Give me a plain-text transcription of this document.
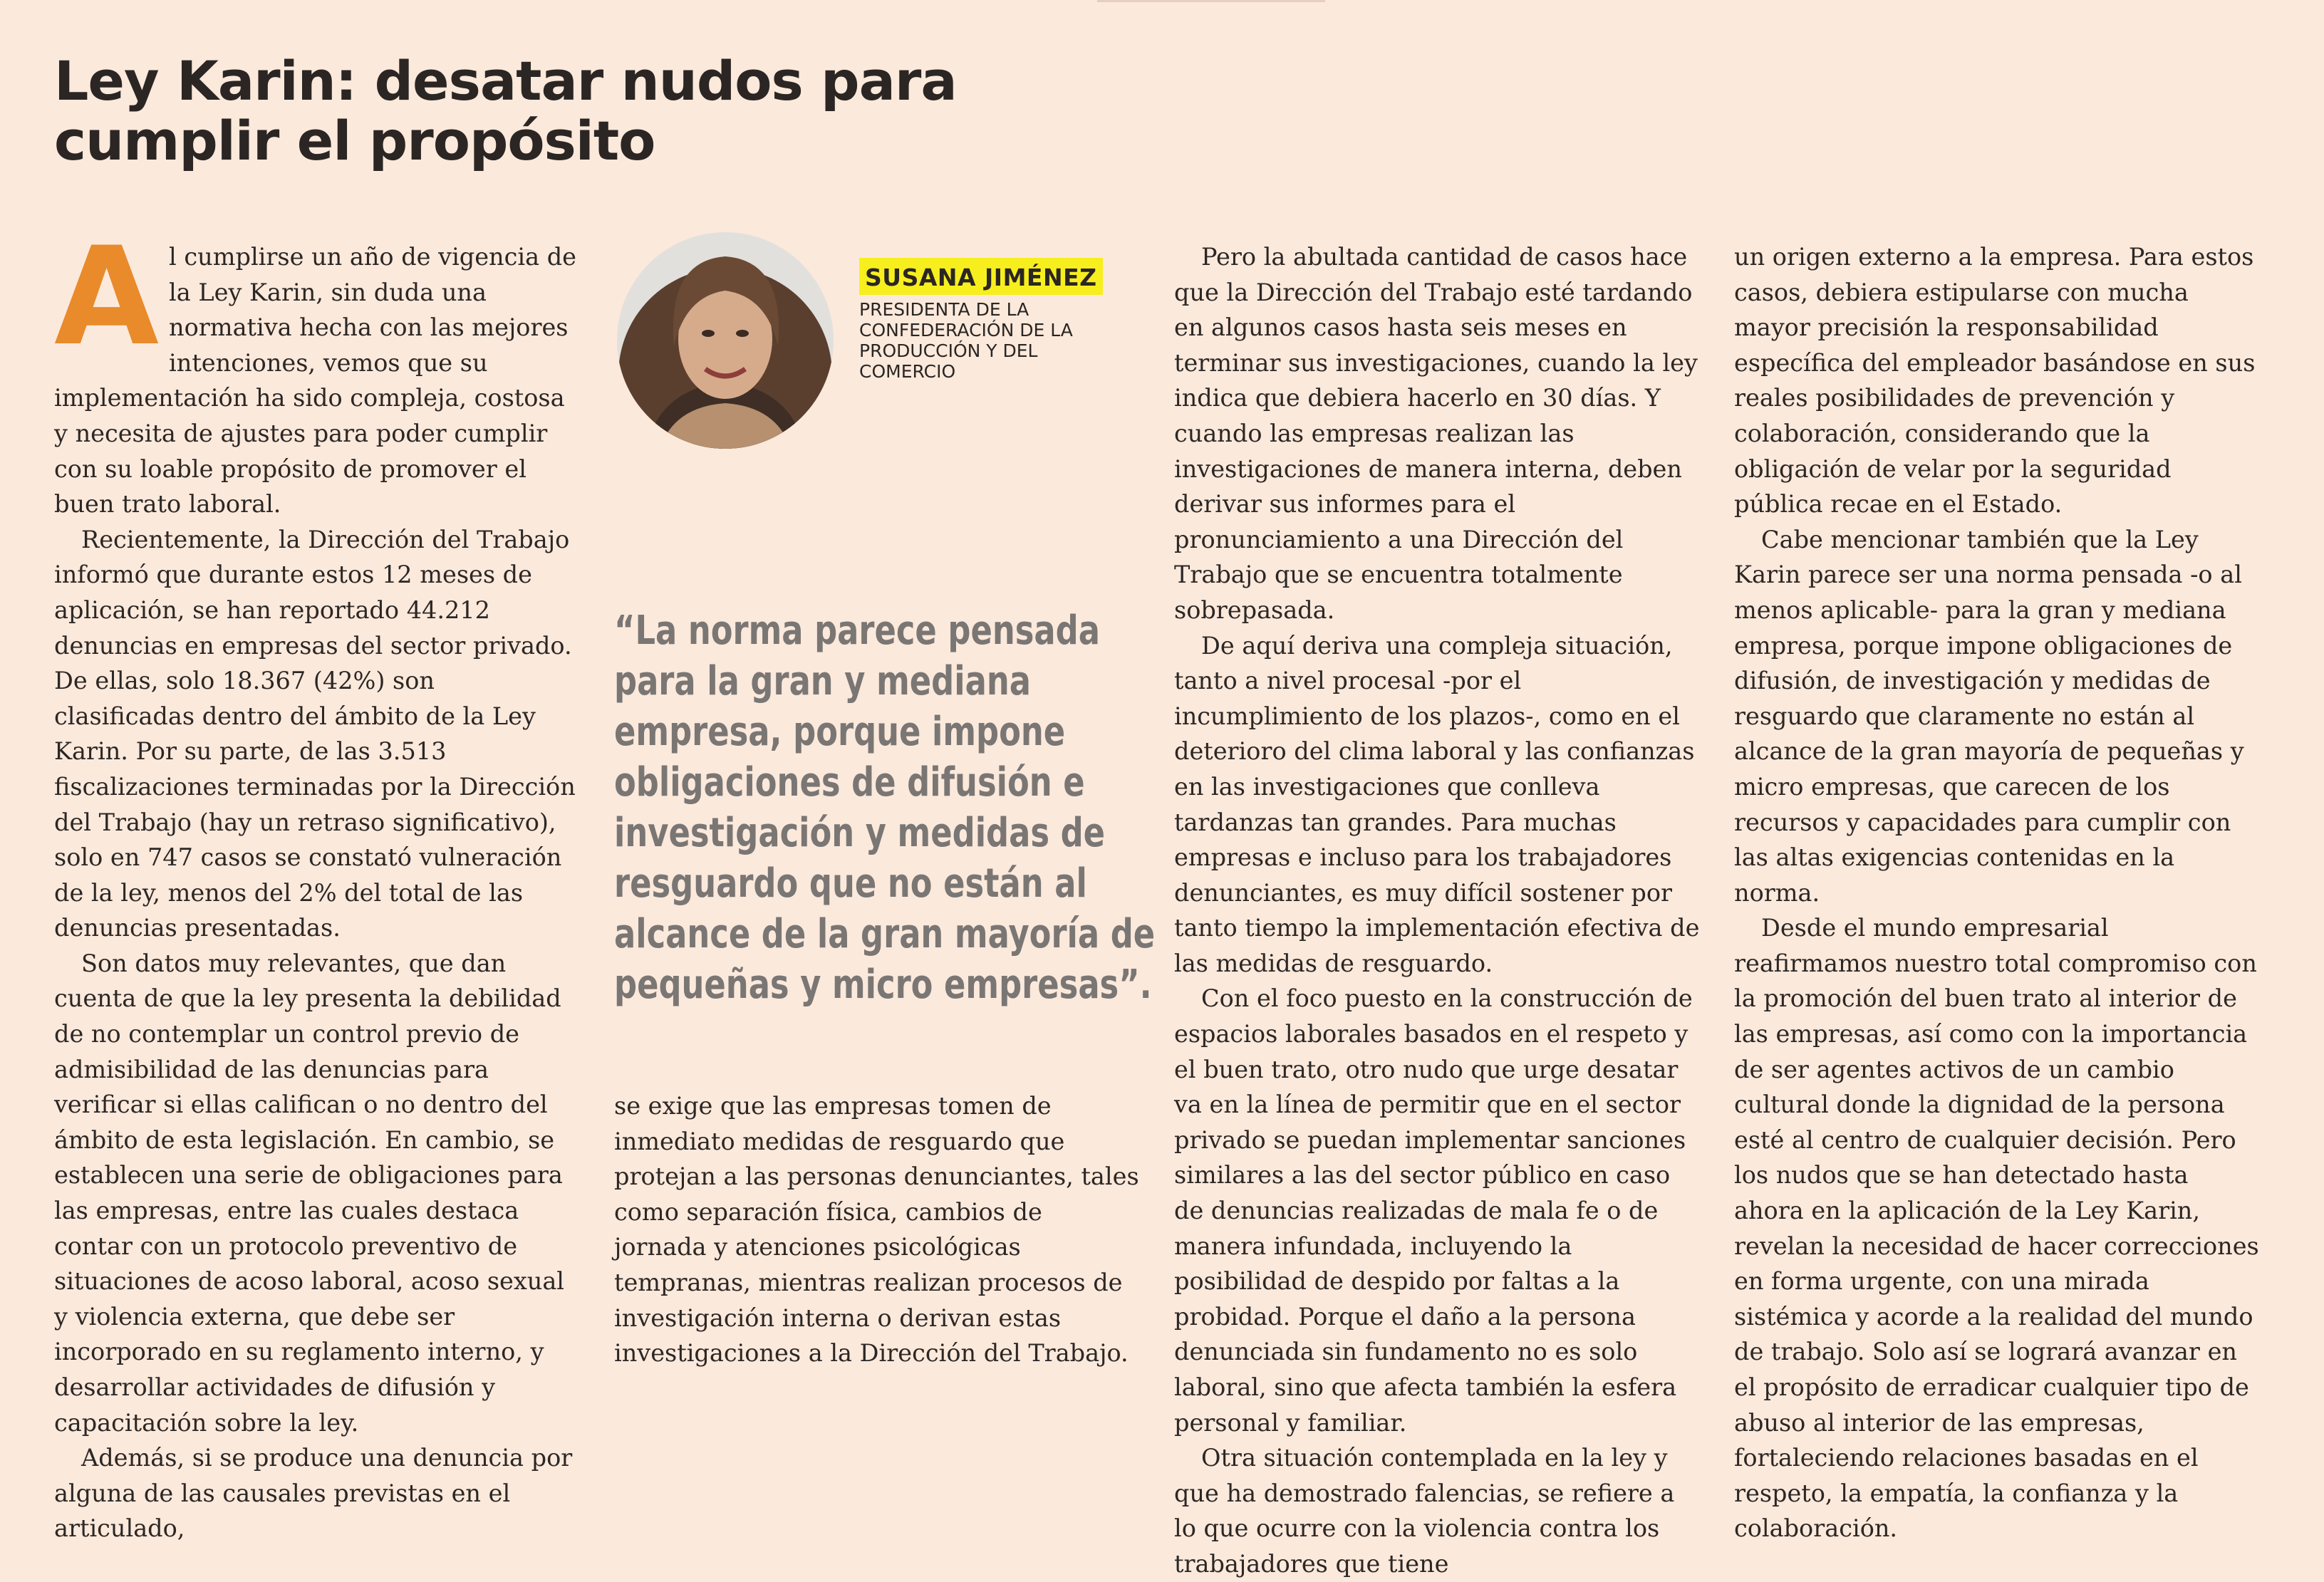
Ley Karin: desatar nudos para cumplir el propósito
A l cumplirse un año de vigencia de la Ley Karin, sin duda una normativa hecha con las mejores intenciones, vemos que su implementación ha sido compleja, costosa y necesita de ajustes para poder cumplir con su loable propósito de promover el buen trato laboral.

Recientemente, la Dirección del Trabajo informó que durante estos 12 meses de aplicación, se han reportado 44.212 denuncias en empresas del sector privado. De ellas, solo 18.367 (42%) son clasificadas dentro del ámbito de la Ley Karin. Por su parte, de las 3.513 fiscalizaciones terminadas por la Dirección del Trabajo (hay un retraso significativo), solo en 747 casos se constató vulneración de la ley, menos del 2% del total de las denuncias presentadas.

Son datos muy relevantes, que dan cuenta de que la ley presenta la debilidad de no contemplar un control previo de admisibilidad de las denuncias para verificar si ellas califican o no dentro del ámbito de esta legislación. En cambio, se establecen una serie de obligaciones para las empresas, entre las cuales destaca contar con un protocolo preventivo de situaciones de acoso laboral, acoso sexual y violencia externa, que debe ser incorporado en su reglamento interno, y desarrollar actividades de difusión y capacitación sobre la ley.

Además, si se produce una denuncia por alguna de las causales previstas en el articulado,

SUSANA JIMÉNEZ
PRESIDENTA DE LA CONFEDERACIÓN DE LA PRODUCCIÓN Y DEL COMERCIO
“La norma parece pensada para la gran y mediana empresa, porque impone obligaciones de difusión e investigación y medidas de resguardo que no están al alcance de la gran mayoría de pequeñas y micro empresas”.

se exige que las empresas tomen de inmediato medidas de resguardo que protejan a las personas denunciantes, tales como separación física, cambios de jornada y atenciones psicológicas tempranas, mientras realizan procesos de investigación interna o derivan estas investigaciones a la Dirección del Trabajo.

Pero la abultada cantidad de casos hace que la Dirección del Trabajo esté tardando en algunos casos hasta seis meses en terminar sus investigaciones, cuando la ley indica que debiera hacerlo en 30 días. Y cuando las empresas realizan las investigaciones de manera interna, deben derivar sus informes para el pronunciamiento a una Dirección del Trabajo que se encuentra totalmente sobrepasada.

De aquí deriva una compleja situación, tanto a nivel procesal -por el incumplimiento de los plazos-, como en el deterioro del clima laboral y las confianzas en las investigaciones que conlleva tardanzas tan grandes. Para muchas empresas e incluso para los trabajadores denunciantes, es muy difícil sostener por tanto tiempo la implementación efectiva de las medidas de resguardo.

Con el foco puesto en la construcción de espacios laborales basados en el respeto y el buen trato, otro nudo que urge desatar va en la línea de permitir que en el sector privado se puedan implementar sanciones similares a las del sector público en caso de denuncias realizadas de mala fe o de manera infundada, incluyendo la posibilidad de despido por faltas a la probidad. Porque el daño a la persona denunciada sin fundamento no es solo laboral, sino que afecta también la esfera personal y familiar.

Otra situación contemplada en la ley y que ha demostrado falencias, se refiere a lo que ocurre con la violencia contra los trabajadores que tiene

un origen externo a la empresa. Para estos casos, debiera estipularse con mucha mayor precisión la responsabilidad específica del empleador basándose en sus reales posibilidades de prevención y colaboración, considerando que la obligación de velar por la seguridad pública recae en el Estado.

Cabe mencionar también que la Ley Karin parece ser una norma pensada -o al menos aplicable- para la gran y mediana empresa, porque impone obligaciones de difusión, de investigación y medidas de resguardo que claramente no están al alcance de la gran mayoría de pequeñas y micro empresas, que carecen de los recursos y capacidades para cumplir con las altas exigencias contenidas en la norma.

Desde el mundo empresarial reafirmamos nuestro total compromiso con la promoción del buen trato al interior de las empresas, así como con la importancia de ser agentes activos de un cambio cultural donde la dignidad de la persona esté al centro de cualquier decisión. Pero los nudos que se han detectado hasta ahora en la aplicación de la Ley Karin, revelan la necesidad de hacer correcciones en forma urgente, con una mirada sistémica y acorde a la realidad del mundo de trabajo. Solo así se logrará avanzar en el propósito de erradicar cualquier tipo de abuso al interior de las empresas, fortaleciendo relaciones basadas en el respeto, la empatía, la confianza y la colaboración.
